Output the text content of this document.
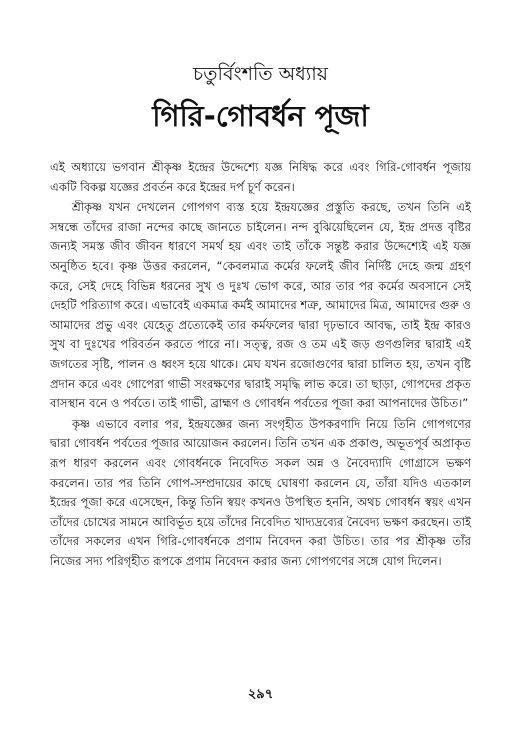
চতুর্বিংশতি অধ্যায়
গিরি-গোবর্ধন পূজা

এই অধ্যায়ে ভগবান শ্রীকৃষ্ণ ইন্দ্রের উদ্দেশ্যে যজ্ঞ নিষিদ্ধ করে এবং গিরি-গোবর্ধন পূজায় একটি বিকল্প যজ্ঞের প্রবর্তন করে ইন্দ্রের দর্প চূর্ণ করেন।

শ্রীকৃষ্ণ যখন দেখলেন গোপগণ ব্যস্ত হয়ে ইন্দ্রযজ্ঞের প্রস্তুতি করছে, তখন তিনি এই সম্বন্ধে তাঁদের রাজা নন্দের কাছে জানতে চাইলেন। নন্দ বুঝিয়েছিলেন যে, ইন্দ্র প্রদত্ত বৃষ্টির জন্যই সমস্ত জীব জীবন ধারণে সমর্থ হয় এবং তাই তাঁকে সন্তুষ্ট করার উদ্দেশ্যেই এই যজ্ঞ অনুষ্ঠিত হবে। কৃষ্ণ উত্তর করলেন, “কেবলমাত্র কর্মের ফলেই জীব নির্দিষ্ট দেহে জন্ম গ্রহণ করে, সেই দেহে বিভিন্ন ধরনের সুখ ও দুঃখ ভোগ করে, আর তার পর কর্মের অবসানে সেই দেহটি পরিত্যাগ করে। এভাবেই একমাত্র কর্মই আমাদের শত্রু, আমাদের মিত্র, আমাদের গুরু ও আমাদের প্রভু এবং যেহেতু প্রত্যেকেই তার কর্মফলের দ্বারা দৃঢ়ভাবে আবদ্ধ, তাই ইন্দ্র কারও সুখ বা দুঃখের পরিবর্তন করতে পারে না। সত্ত্ব, রজ ও তম এই জড় গুণগুলির দ্বারাই এই জগতের সৃষ্টি, পালন ও ধ্বংস হয়ে থাকে। মেঘ যখন রজোগুণের দ্বারা চালিত হয়, তখন বৃষ্টি প্রদান করে এবং গোপেরা গাভী সংরক্ষণের দ্বারাই সমৃদ্ধি লাভ করে। তা ছাড়া, গোপদের প্রকৃত বাসস্থান বনে ও পর্বতে। তাই গাভী, ব্রাহ্মণ ও গোবর্ধন পর্বতের পূজা করা আপনাদের উচিত।”

কৃষ্ণ এভাবে বলার পর, ইন্দ্রযজ্ঞের জন্য সংগৃহীত উপকরণাদি নিয়ে তিনি গোপগণের দ্বারা গোবর্ধন পর্বতের পূজার আয়োজন করলেন। তিনি তখন এক প্রকাণ্ড, অভূতপূর্ব অপ্রাকৃত রূপ ধারণ করলেন এবং গোবর্ধনকে নিবেদিত সকল অন্ন ও নৈবেদ্যাদি গোগ্রাসে ভক্ষণ করলেন। তার পর তিনি গোপ-সম্প্রদায়ের কাছে ঘোষণা করলেন যে, তাঁরা যদিও এতকাল ইন্দ্রের পূজা করে এসেছেন, কিন্তু তিনি স্বয়ং কখনও উপস্থিত হননি, অথচ গোবর্ধন স্বয়ং এখন তাঁদের চোখের সামনে আবির্ভূত হয়ে তাঁদের নিবেদিত খাদ্যদ্রব্যের নৈবেদ্য ভক্ষণ করছেন। তাই তাঁদের সকলের এখন গিরি-গোবর্ধনকে প্রণাম নিবেদন করা উচিত। তার পর শ্রীকৃষ্ণ তাঁর নিজের সদ্য পরিগৃহীত রূপকে প্রণাম নিবেদন করার জন্য গোপগণের সঙ্গে যোগ দিলেন।

২৯৭
